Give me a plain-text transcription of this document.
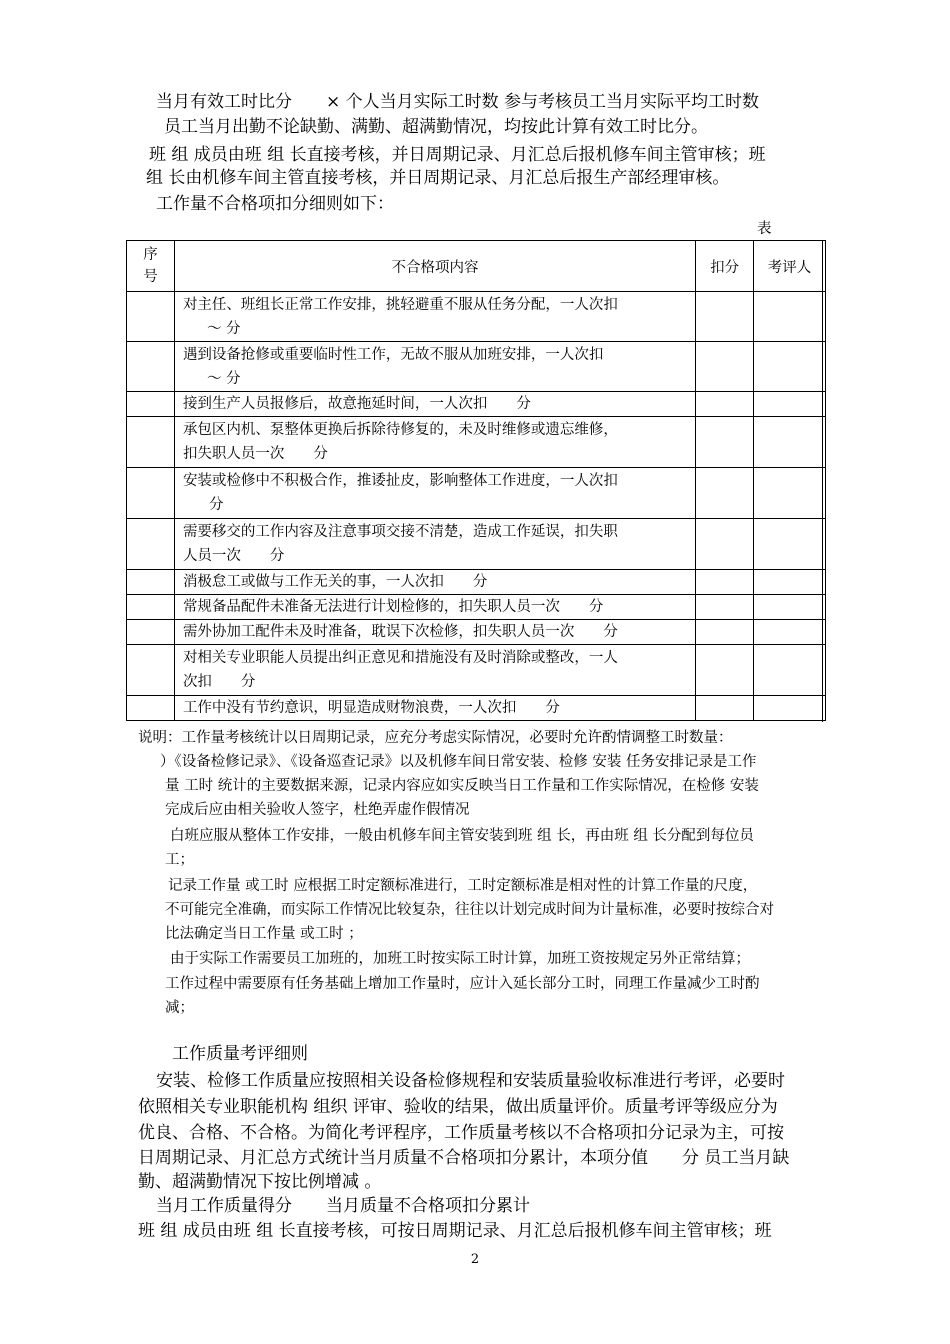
当月有效工时比分　　× 个人当月实际工时数 参与考核员工当月实际平均工时数
员工当月出勤不论缺勤、满勤、超满勤情况，均按此计算有效工时比分。
班 组 成员由班 组 长直接考核，并日周期记录、月汇总后报机修车间主管审核；班
组 长由机修车间主管直接考核，并日周期记录、月汇总后报生产部经理审核。
工作量不合格项扣分细则如下：
表
序号	不合格项内容	扣分	考评人

	对主任、班组长正常工作安排，挑轻避重不服从任务分配，一人次扣
～ 分		

	遇到设备抢修或重要临时性工作，无故不服从加班安排，一人次扣
～ 分		

	接到生产人员报修后，故意拖延时间，一人次扣　　分		

	承包区内机、泵整体更换后拆除待修复的，未及时维修或遗忘维修，
扣失职人员一次　　分		

	安装或检修中不积极合作，推诿扯皮，影响整体工作进度，一人次扣
分		

	需要移交的工作内容及注意事项交接不清楚，造成工作延误，扣失职
人员一次　　分		

	消极怠工或做与工作无关的事，一人次扣　　分		

	常规备品配件未准备无法进行计划检修的，扣失职人员一次　　分		

	需外协加工配件未及时准备，耽误下次检修，扣失职人员一次　　分		

	对相关专业职能人员提出纠正意见和措施没有及时消除或整改，一人
次扣　　分		

	工作中没有节约意识，明显造成财物浪费，一人次扣　　分		

说明：工作量考核统计以日周期记录，应充分考虑实际情况，必要时允许酌情调整工时数量：
）《设备检修记录》、《设备巡查记录》以及机修车间日常安装、检修 安装 任务安排记录是工作
量 工时 统计的主要数据来源，记录内容应如实反映当日工作量和工作实际情况，在检修 安装
完成后应由相关验收人签字，杜绝弄虚作假情况
白班应服从整体工作安排，一般由机修车间主管安装到班 组 长，再由班 组 长分配到每位员
工；
记录工作量 或工时 应根据工时定额标准进行，工时定额标准是相对性的计算工作量的尺度，
不可能完全准确，而实际工作情况比较复杂，往往以计划完成时间为计量标准，必要时按综合对
比法确定当日工作量 或工时 ；
由于实际工作需要员工加班的，加班工时按实际工时计算，加班工资按规定另外正常结算；
工作过程中需要原有任务基础上增加工作量时，应计入延长部分工时，同理工作量减少工时酌
减；
工作质量考评细则
安装、检修工作质量应按照相关设备检修规程和安装质量验收标准进行考评，必要时
依照相关专业职能机构 组织 评审、验收的结果，做出质量评价。质量考评等级应分为
优良、合格、不合格。为简化考评程序，工作质量考核以不合格项扣分记录为主，可按
日周期记录、月汇总方式统计当月质量不合格项扣分累计，本项分值　　分 员工当月缺
勤、超满勤情况下按比例增减 。
当月工作质量得分　　当月质量不合格项扣分累计
班 组 成员由班 组 长直接考核，可按日周期记录、月汇总后报机修车间主管审核；班
2
